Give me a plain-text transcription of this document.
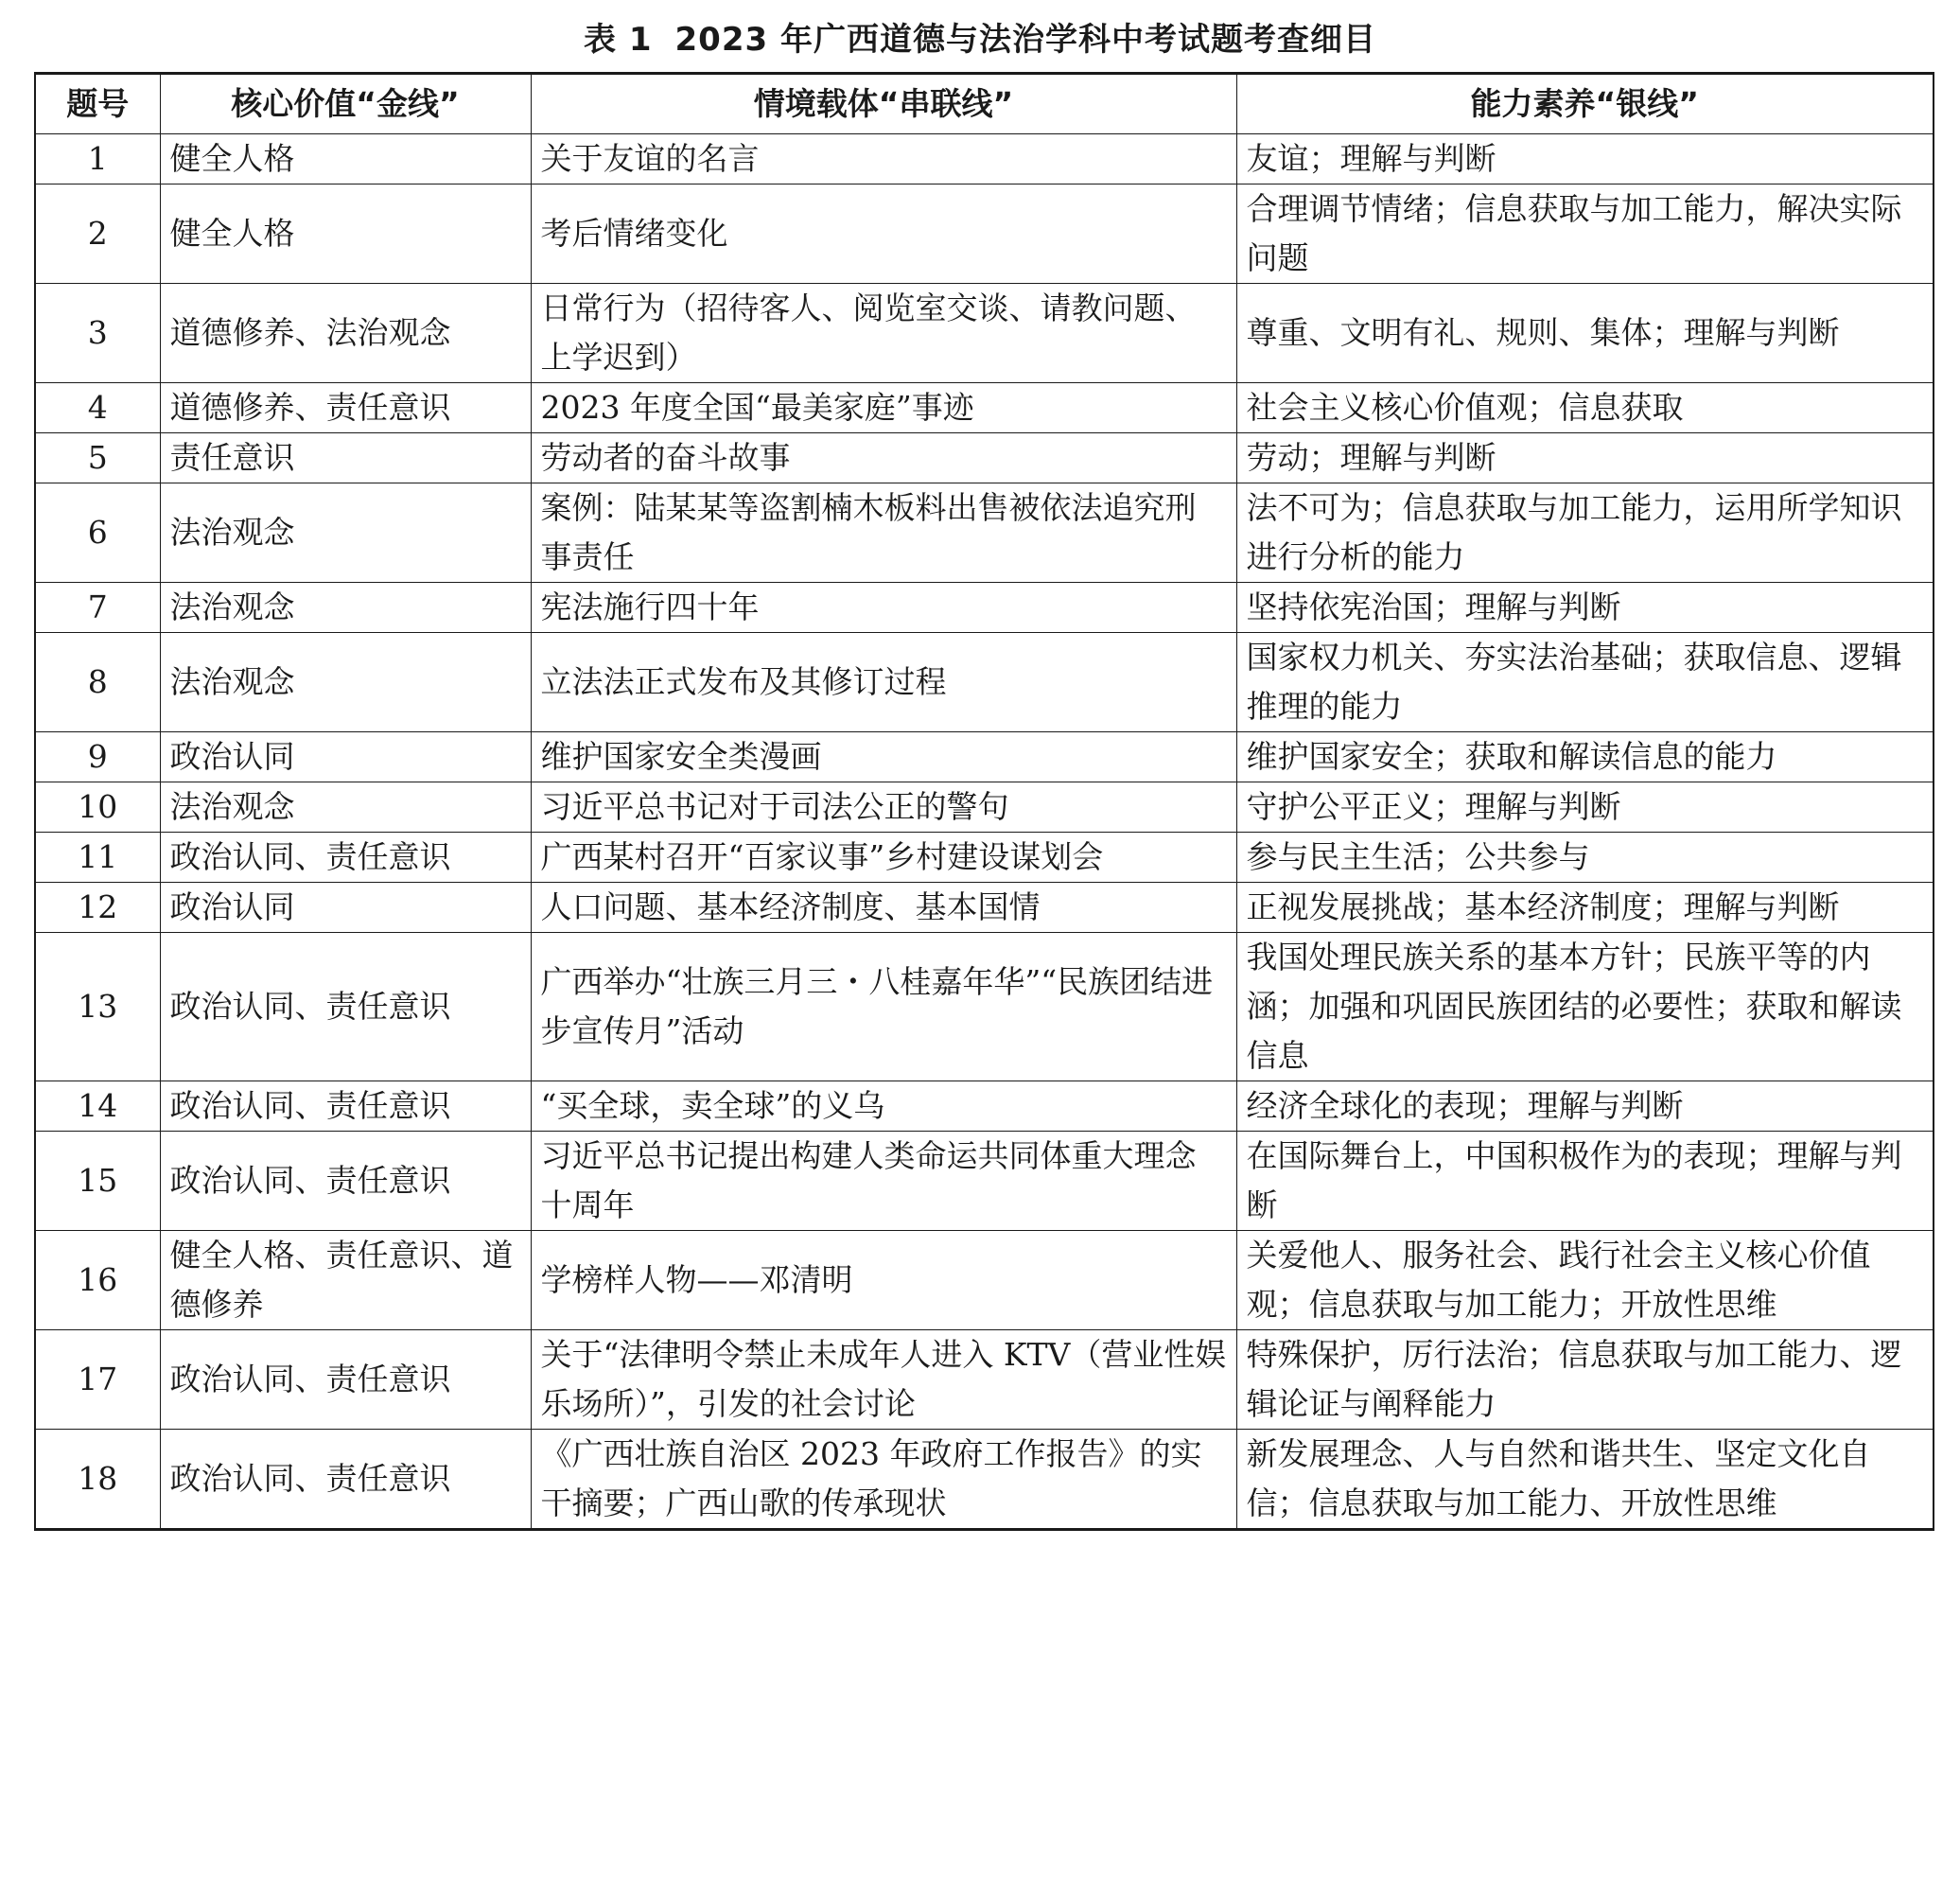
表 1 2023 年广西道德与法治学科中考试题考查细目
题号	核心价值“金线”	情境载体“串联线”	能力素养“银线”
1	健全人格	关于友谊的名言	友谊；理解与判断
2	健全人格	考后情绪变化	合理调节情绪；信息获取与加工能力，解决实际问题
3	道德修养、法治观念	日常行为（招待客人、阅览室交谈、请教问题、上学迟到）	尊重、文明有礼、规则、集体；理解与判断
4	道德修养、责任意识	2023 年度全国“最美家庭”事迹	社会主义核心价值观；信息获取
5	责任意识	劳动者的奋斗故事	劳动；理解与判断
6	法治观念	案例：陆某某等盗割楠木板料出售被依法追究刑事责任	法不可为；信息获取与加工能力，运用所学知识进行分析的能力
7	法治观念	宪法施行四十年	坚持依宪治国；理解与判断
8	法治观念	立法法正式发布及其修订过程	国家权力机关、夯实法治基础；获取信息、逻辑推理的能力
9	政治认同	维护国家安全类漫画	维护国家安全；获取和解读信息的能力
10	法治观念	习近平总书记对于司法公正的警句	守护公平正义；理解与判断
11	政治认同、责任意识	广西某村召开“百家议事”乡村建设谋划会	参与民主生活；公共参与
12	政治认同	人口问题、基本经济制度、基本国情	正视发展挑战；基本经济制度；理解与判断
13	政治认同、责任意识	广西举办“壮族三月三・八桂嘉年华”“民族团结进步宣传月”活动	我国处理民族关系的基本方针；民族平等的内涵；加强和巩固民族团结的必要性；获取和解读信息
14	政治认同、责任意识	“买全球，卖全球”的义乌	经济全球化的表现；理解与判断
15	政治认同、责任意识	习近平总书记提出构建人类命运共同体重大理念十周年	在国际舞台上，中国积极作为的表现；理解与判断
16	健全人格、责任意识、道德修养	学榜样人物——邓清明	关爱他人、服务社会、践行社会主义核心价值观；信息获取与加工能力；开放性思维
17	政治认同、责任意识	关于“法律明令禁止未成年人进入 KTV（营业性娱乐场所）”，引发的社会讨论	特殊保护，厉行法治；信息获取与加工能力、逻辑论证与阐释能力
18	政治认同、责任意识	《广西壮族自治区 2023 年政府工作报告》的实干摘要；广西山歌的传承现状	新发展理念、人与自然和谐共生、坚定文化自信；信息获取与加工能力、开放性思维
